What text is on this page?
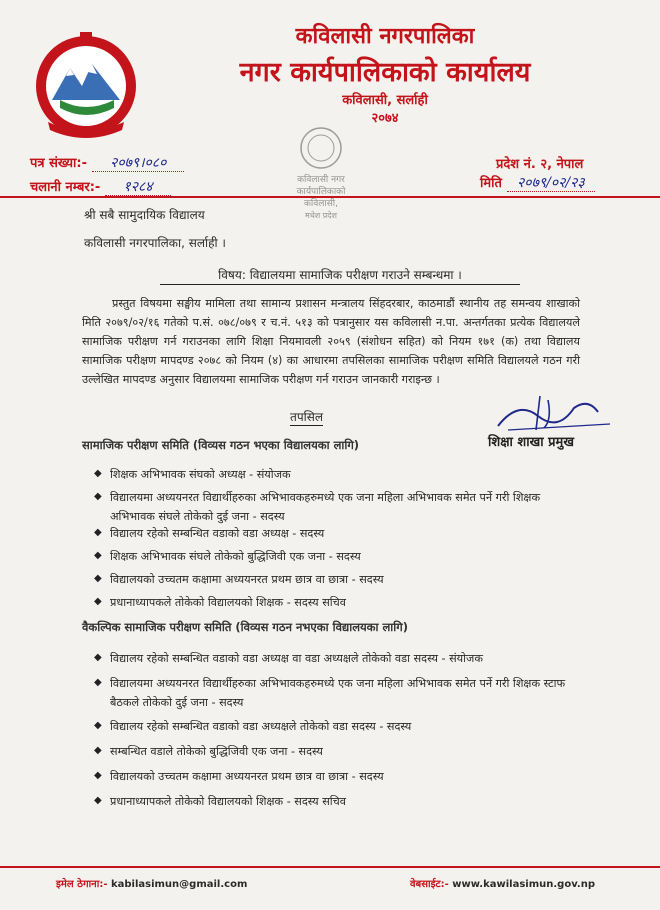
कविलासी नगरपालिका
नगर कार्यपालिकाको कार्यालय
कविलासी, सर्लाही
२०७४
पत्र संख्या:- २०७९।०८०
चलानी नम्बर:- १२८४
प्रदेश नं. २, नेपाल
मिति २०७९/०२/२३
कविलासी नगर
कार्यपालिकाको
कविलासी,
मधेश प्रदेश
श्री सबै सामुदायिक विद्यालय
कविलासी नगरपालिका, सर्लाही ।
विषय: विद्यालयमा सामाजिक परीक्षण गराउने सम्बन्धमा ।
प्रस्तुत विषयमा सङ्घीय मामिला तथा सामान्य प्रशासन मन्त्रालय सिंहदरबार, काठमाडौं स्थानीय तह समन्वय शाखाको मिति २०७९/०२/१६ गतेको प.सं. ०७८/०७९ र च.नं. ५१३ को पत्रानुसार यस कविलासी न.पा. अन्तर्गतका प्रत्येक विद्यालयले सामाजिक परीक्षण गर्न गराउनका लागि शिक्षा नियमावली २०५९ (संशोधन सहित) को नियम १७१ (क) तथा विद्यालय सामाजिक परीक्षण मापदण्ड २०७८ को नियम (४) का आधारमा तपसिलका सामाजिक परीक्षण समिति विद्यालयले गठन गरी उल्लेखित मापदण्ड अनुसार विद्यालयमा सामाजिक परीक्षण गर्न गराउन जानकारी गराइन्छ ।
तपसिल
शिक्षा शाखा प्रमुख
सामाजिक परीक्षण समिति (विव्यस गठन भएका विद्यालयका लागि)
◆ शिक्षक अभिभावक संघको अध्यक्ष - संयोजक
◆ विद्यालयमा अध्ययनरत विद्यार्थीहरुका अभिभावकहरुमध्ये एक जना महिला अभिभावक समेत पर्ने गरी शिक्षक अभिभावक संघले तोकेको दुई जना - सदस्य
◆ विद्यालय रहेको सम्बन्धित वडाको वडा अध्यक्ष - सदस्य
◆ शिक्षक अभिभावक संघले तोकेको बुद्धिजिवी एक जना - सदस्य
◆ विद्यालयको उच्चतम कक्षामा अध्ययनरत प्रथम छात्र वा छात्रा - सदस्य
◆ प्रधानाध्यापकले तोकेको विद्यालयको शिक्षक - सदस्य सचिव
वैकल्पिक सामाजिक परीक्षण समिति (विव्यस गठन नभएका विद्यालयका लागि)
◆ विद्यालय रहेको सम्बन्धित वडाको वडा अध्यक्ष वा वडा अध्यक्षले तोकेको वडा सदस्य - संयोजक
◆ विद्यालयमा अध्ययनरत विद्यार्थीहरुका अभिभावकहरुमध्ये एक जना महिला अभिभावक समेत पर्ने गरी शिक्षक स्टाफ बैठकले तोकेको दुई जना - सदस्य
◆ विद्यालय रहेको सम्बन्धित वडाको वडा अध्यक्षले तोकेको वडा सदस्य - सदस्य
◆ सम्बन्धित वडाले तोकेको बुद्धिजिवी एक जना - सदस्य
◆ विद्यालयको उच्चतम कक्षामा अध्ययनरत प्रथम छात्र वा छात्रा - सदस्य
◆ प्रधानाध्यापकले तोकेको विद्यालयको शिक्षक - सदस्य सचिव
इमेल ठेगाना:- kabilasimun@gmail.com	वेबसाईट:- www.kawilasimun.gov.np
